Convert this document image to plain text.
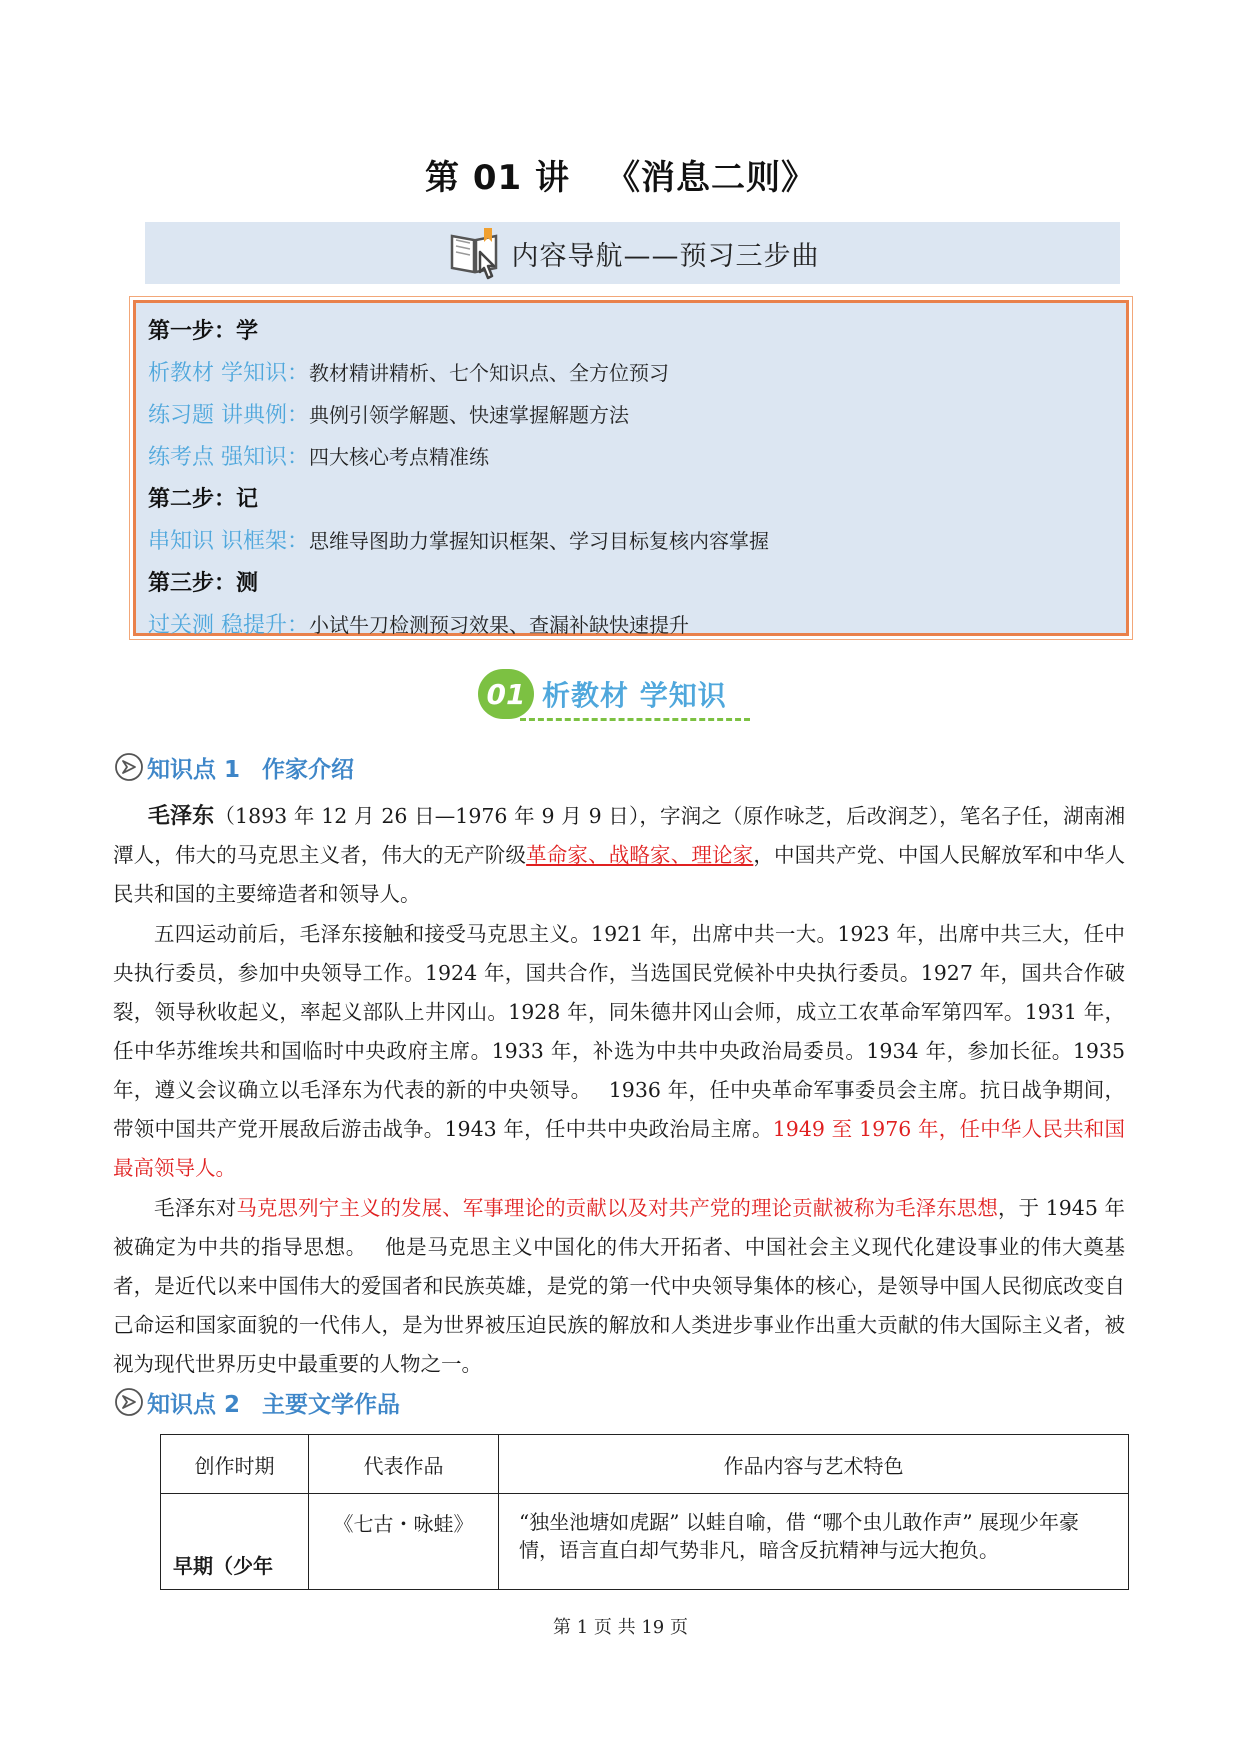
第 01 讲 《消息二则》
内容导航——预习三步曲
第一步：学
析教材 学知识：教材精讲精析、七个知识点、全方位预习
练习题 讲典例：典例引领学解题、快速掌握解题方法
练考点 强知识：四大核心考点精准练
第二步：记
串知识 识框架：思维导图助力掌握知识框架、学习目标复核内容掌握
第三步：测
过关测 稳提升：小试牛刀检测预习效果、查漏补缺快速提升
01 析教材 学知识
知识点 1 作家介绍
毛泽东（1893 年 12 月 26 日—1976 年 9 月 9 日），字润之（原作咏芝，后改润芝），笔名子任，湖南湘潭人，伟大的马克思主义者，伟大的无产阶级革命家、战略家、理论家，中国共产党、中国人民解放军和中华人民共和国的主要缔造者和领导人。
五四运动前后，毛泽东接触和接受马克思主义。1921 年，出席中共一大。1923 年，出席中共三大，任中央执行委员，参加中央领导工作。1924 年，国共合作，当选国民党候补中央执行委员。1927 年，国共合作破裂，领导秋收起义，率起义部队上井冈山。1928 年，同朱德井冈山会师，成立工农革命军第四军。1931 年，任中华苏维埃共和国临时中央政府主席。1933 年，补选为中共中央政治局委员。1934 年，参加长征。1935 年，遵义会议确立以毛泽东为代表的新的中央领导。　 1936 年，任中央革命军事委员会主席。抗日战争期间，带领中国共产党开展敌后游击战争。1943 年，任中共中央政治局主席。1949 至 1976 年，任中华人民共和国最高领导人。
毛泽东对马克思列宁主义的发展、军事理论的贡献以及对共产党的理论贡献被称为毛泽东思想，于 1945 年被确定为中共的指导思想。　 他是马克思主义中国化的伟大开拓者、中国社会主义现代化建设事业的伟大奠基者，是近代以来中国伟大的爱国者和民族英雄，是党的第一代中央领导集体的核心，是领导中国人民彻底改变自己命运和国家面貌的一代伟人，是为世界被压迫民族的解放和人类进步事业作出重大贡献的伟大国际主义者，被视为现代世界历史中最重要的人物之一。
知识点 2 主要文学作品
创作时期	代表作品	作品内容与艺术特色
早期（少年	《七古・咏蛙》	“独坐池塘如虎踞” 以蛙自喻，借 “哪个虫儿敢作声” 展现少年豪情，语言直白却气势非凡，暗含反抗精神与远大抱负。
第 1 页 共 19 页
